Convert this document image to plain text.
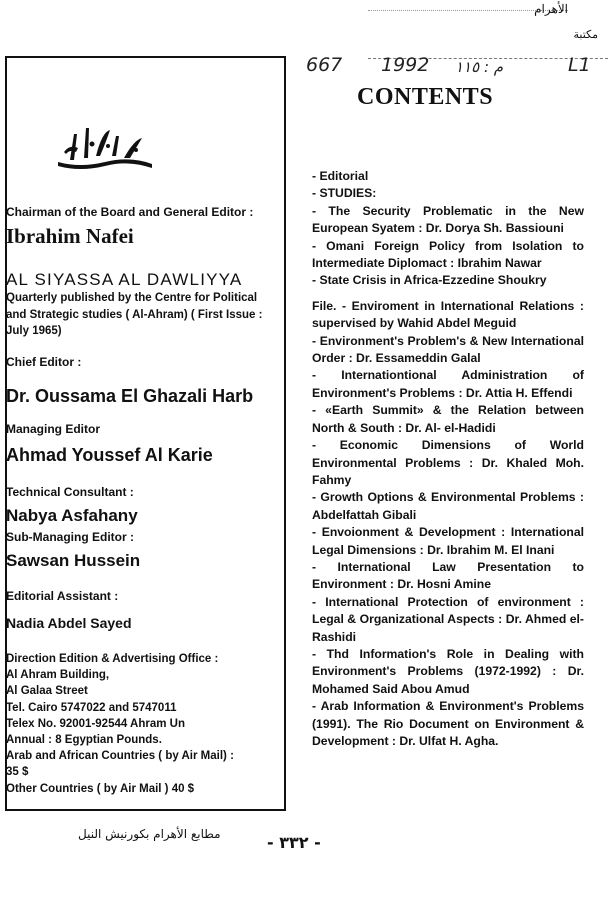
الأهرام
مكتبة
667 1992 م : ١١٥	L1
CONTENTS

Chairman of the Board and General Editor :

Ibrahim Nafei

AL SIYASSA AL DAWLIYYA

Quarterly published by the Centre for Political and Strategic studies ( Al-Ahram) ( First Issue : July 1965)

Chief Editor :

Dr. Oussama El Ghazali Harb

Managing Editor

Ahmad Youssef Al Karie

Technical Consultant :

Nabya Asfahany

Sub-Managing Editor :

Sawsan Hussein

Editorial Assistant :

Nadia Abdel Sayed

Direction Edition & Advertising Office :
Al Ahram Building,
Al Galaa Street
Tel. Cairo 5747022 and 5747011
Telex No. 92001-92544 Ahram Un
Annual : 8 Egyptian Pounds.
Arab and African Countries ( by Air Mail) :
35 $
Other Countries ( by Air Mail ) 40 $

- Editorial

- STUDIES:

- The Security Problematic in the New European Syatem : Dr. Dorya Sh. Bassiouni

- Omani Foreign Policy from Isolation to Intermediate Diplomact : Ibrahim Nawar

- State Crisis in Africa-Ezzedine Shoukry

File. - Enviroment in International Relations : supervised by Wahid Abdel Meguid

- Environment's Problem's & New International Order : Dr. Essameddin Galal

- Internationtional Administration of Environment's Problems : Dr. Attia H. Effendi

- «Earth Summit» & the Relation between North & South : Dr. Al- el-Hadidi

- Economic Dimensions of World Environmental Problems : Dr. Khaled Moh. Fahmy

- Growth Options & Environmental Problems : Abdelfattah Gibali

- Envoionment & Development : International Legal Dimensions : Dr. Ibrahim M. El Inani

- International Law Presentation to Environment : Dr. Hosni Amine

- International Protection of environment : Legal & Organizational Aspects : Dr. Ahmed el-Rashidi

- Thd Information's Role in Dealing with Environment's Problems (1972-1992) : Dr. Mohamed Said Abou Amud

- Arab Information & Environment's Problems (1991). The Rio Document on Environment & Development : Dr. Ulfat H. Agha.

مطابع الأهرام بكورنيش النيل	- ٣٣٢ -
